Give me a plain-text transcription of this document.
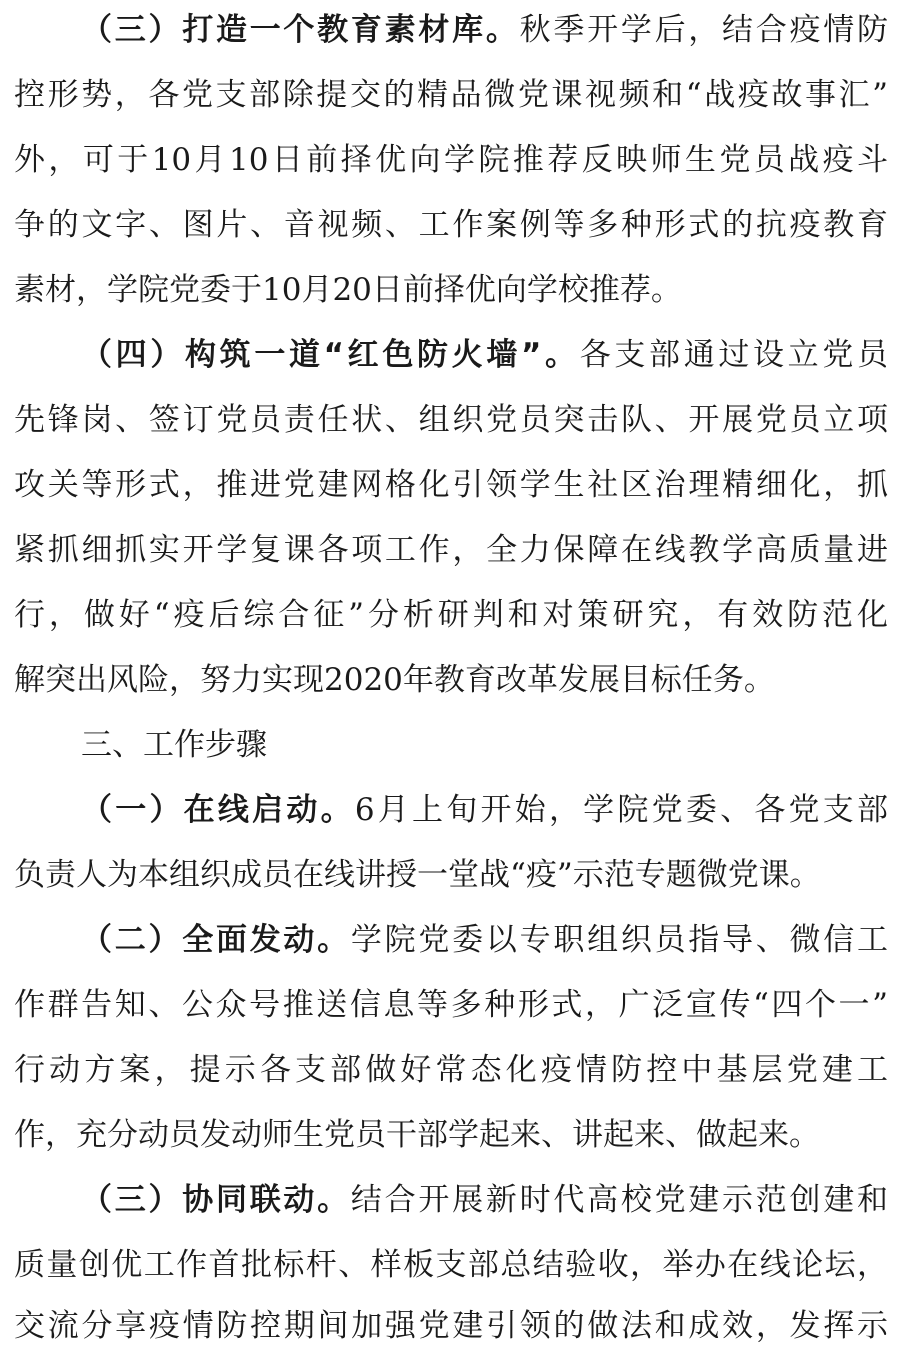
（三）打造一个教育素材库。秋季开学后，结合疫情防
控形势，各党支部除提交的精品微党课视频和“战疫故事汇”
外，可于10月10日前择优向学院推荐反映师生党员战疫斗
争的文字、图片、音视频、工作案例等多种形式的抗疫教育
素材，学院党委于10月20日前择优向学校推荐。
（四）构筑一道“红色防火墙”。各支部通过设立党员
先锋岗、签订党员责任状、组织党员突击队、开展党员立项
攻关等形式，推进党建网格化引领学生社区治理精细化，抓
紧抓细抓实开学复课各项工作，全力保障在线教学高质量进
行，做好“疫后综合征”分析研判和对策研究，有效防范化
解突出风险，努力实现2020年教育改革发展目标任务。
三、工作步骤
（一）在线启动。6月上旬开始，学院党委、各党支部
负责人为本组织成员在线讲授一堂战“疫”示范专题微党课。
（二）全面发动。学院党委以专职组织员指导、微信工
作群告知、公众号推送信息等多种形式，广泛宣传“四个一”
行动方案，提示各支部做好常态化疫情防控中基层党建工
作，充分动员发动师生党员干部学起来、讲起来、做起来。
（三）协同联动。结合开展新时代高校党建示范创建和
质量创优工作首批标杆、样板支部总结验收，举办在线论坛，
交流分享疫情防控期间加强党建引领的做法和成效，发挥示
